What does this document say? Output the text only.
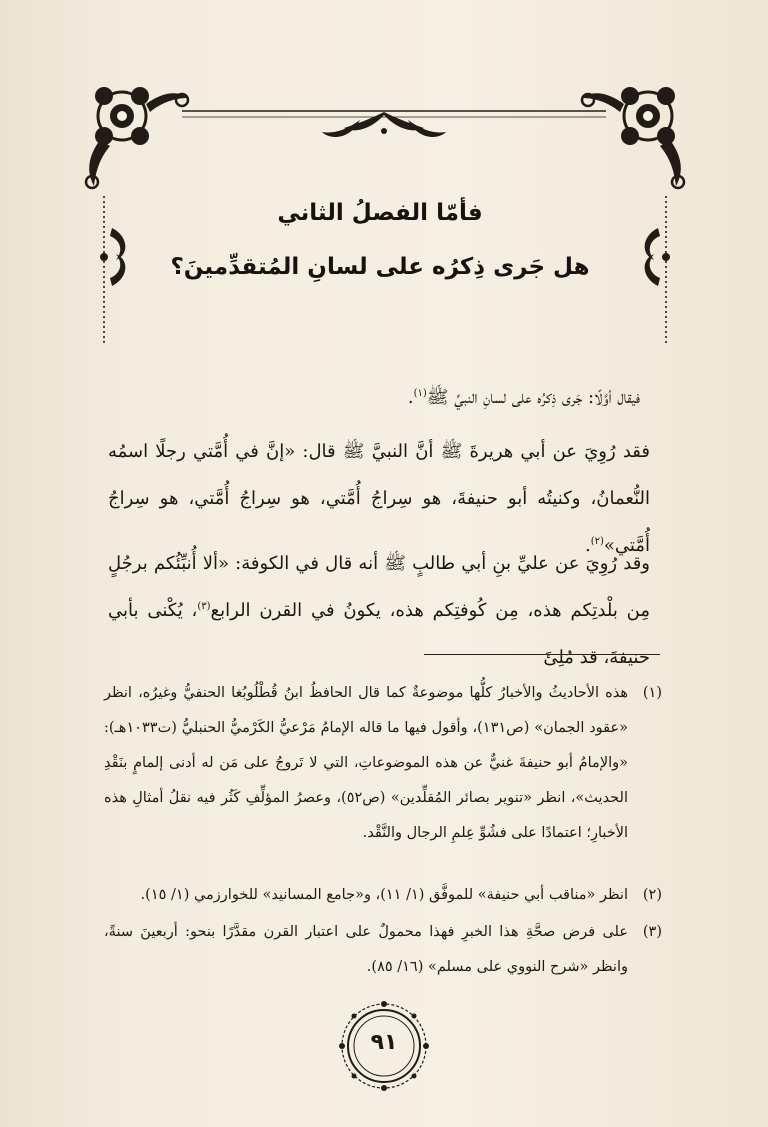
فأمّا الفصلُ الثاني
هل جَرى ذِكرُه على لسانِ المُتقدِّمينَ؟
فيقال أوَّلًا: جَرى ذِكرُه على لسانِ النبيِّ ﷺ$^{(١)}$.
فقد رُوِيَ عن أبي هريرةَ ﷺ أنَّ النبيَّ ﷺ قال: «إنَّ في أُمَّتي رجلًا اسمُه النُّعمانُ، وكنيتُه أبو حنيفةَ، هو سِراجُ أُمَّتي، هو سِراجُ أُمَّتي، هو سِراجُ أُمَّتي»$^{(٢)}$.
وقد رُوِيَ عن عليِّ بنِ أبي طالبٍ ﷺ أنه قال في الكوفة: «ألا أُنبِّئُكم برجُلٍ مِن بلْدتِكم هذه، مِن كُوفتِكم هذه، يكونُ في القرن الرابع$^{(٣)}$، يُكْنى بأبي حنيفةَ، قد مُلِئَ
(١)
هذه الأحاديثُ والأخبارُ كلُّها موضوعةٌ كما قال الحافظُ ابنُ قُطْلُوبُغا الحنفيُّ وغيرُه، انظر «عقود الجمان» (ص١٣١)، وأقول فيها ما قاله الإمامُ مَرْعيُّ الكَرْميُّ الحنبليُّ (ت١٠٣٣هـ): «والإمامُ أبو حنيفةَ غنيٌّ عن هذه الموضوعاتِ، التي لا تَروجُ على مَن له أدنى إلمامٍ بنَقْدِ الحديث»، انظر «تنوير بصائر المُقلِّدين» (ص٥٢)، وعصرُ المؤلِّفِ كَثُر فيه نقلُ أمثالِ هذه الأخبارِ؛ اعتمادًا على فشُوِّ عِلمِ الرجال والنَّقْد.
(٢)
انظر «مناقب أبي حنيفة» للموفَّق (١/ ١١)، و«جامع المسانيد» للخوارزمي (١/ ١٥).
(٣)
على فرض صحَّةِ هذا الخبرِ فهذا محمولٌ على اعتبار القرن مقدَّرًا بنحو: أربعينَ سنةً، وانظر «شرح النووي على مسلم» (١٦/ ٨٥).
٩١
